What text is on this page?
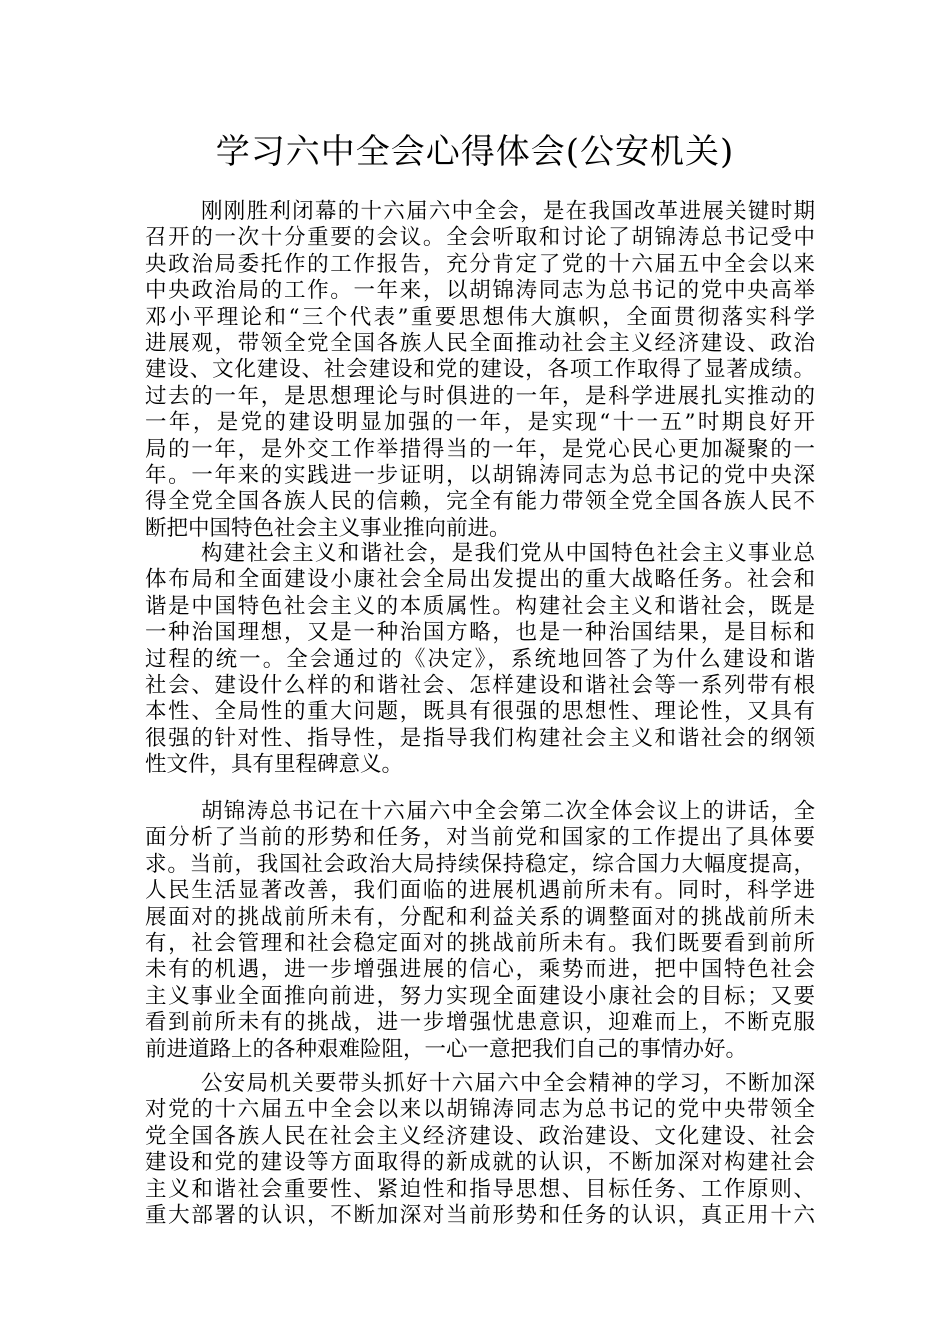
学习六中全会心得体会(公安机关)
刚刚胜利闭幕的十六届六中全会，是在我国改革进展关键时期
召开的一次十分重要的会议。全会听取和讨论了胡锦涛总书记受中
央政治局委托作的工作报告，充分肯定了党的十六届五中全会以来
中央政治局的工作。一年来，以胡锦涛同志为总书记的党中央高举
邓小平理论和“三个代表”重要思想伟大旗帜，全面贯彻落实科学
进展观，带领全党全国各族人民全面推动社会主义经济建设、政治
建设、文化建设、社会建设和党的建设，各项工作取得了显著成绩。
过去的一年，是思想理论与时俱进的一年，是科学进展扎实推动的
一年，是党的建设明显加强的一年，是实现“十一五”时期良好开
局的一年，是外交工作举措得当的一年，是党心民心更加凝聚的一
年。一年来的实践进一步证明，以胡锦涛同志为总书记的党中央深
得全党全国各族人民的信赖，完全有能力带领全党全国各族人民不
断把中国特色社会主义事业推向前进。
构建社会主义和谐社会，是我们党从中国特色社会主义事业总
体布局和全面建设小康社会全局出发提出的重大战略任务。社会和
谐是中国特色社会主义的本质属性。构建社会主义和谐社会，既是
一种治国理想，又是一种治国方略，也是一种治国结果，是目标和
过程的统一。全会通过的《决定》，系统地回答了为什么建设和谐
社会、建设什么样的和谐社会、怎样建设和谐社会等一系列带有根
本性、全局性的重大问题，既具有很强的思想性、理论性，又具有
很强的针对性、指导性，是指导我们构建社会主义和谐社会的纲领
性文件，具有里程碑意义。
胡锦涛总书记在十六届六中全会第二次全体会议上的讲话，全
面分析了当前的形势和任务，对当前党和国家的工作提出了具体要
求。当前，我国社会政治大局持续保持稳定，综合国力大幅度提高，
人民生活显著改善，我们面临的进展机遇前所未有。同时，科学进
展面对的挑战前所未有，分配和利益关系的调整面对的挑战前所未
有，社会管理和社会稳定面对的挑战前所未有。我们既要看到前所
未有的机遇，进一步增强进展的信心，乘势而进，把中国特色社会
主义事业全面推向前进，努力实现全面建设小康社会的目标；又要
看到前所未有的挑战，进一步增强忧患意识，迎难而上，不断克服
前进道路上的各种艰难险阻，一心一意把我们自己的事情办好。
公安局机关要带头抓好十六届六中全会精神的学习，不断加深
对党的十六届五中全会以来以胡锦涛同志为总书记的党中央带领全
党全国各族人民在社会主义经济建设、政治建设、文化建设、社会
建设和党的建设等方面取得的新成就的认识，不断加深对构建社会
主义和谐社会重要性、紧迫性和指导思想、目标任务、工作原则、
重大部署的认识，不断加深对当前形势和任务的认识，真正用十六
